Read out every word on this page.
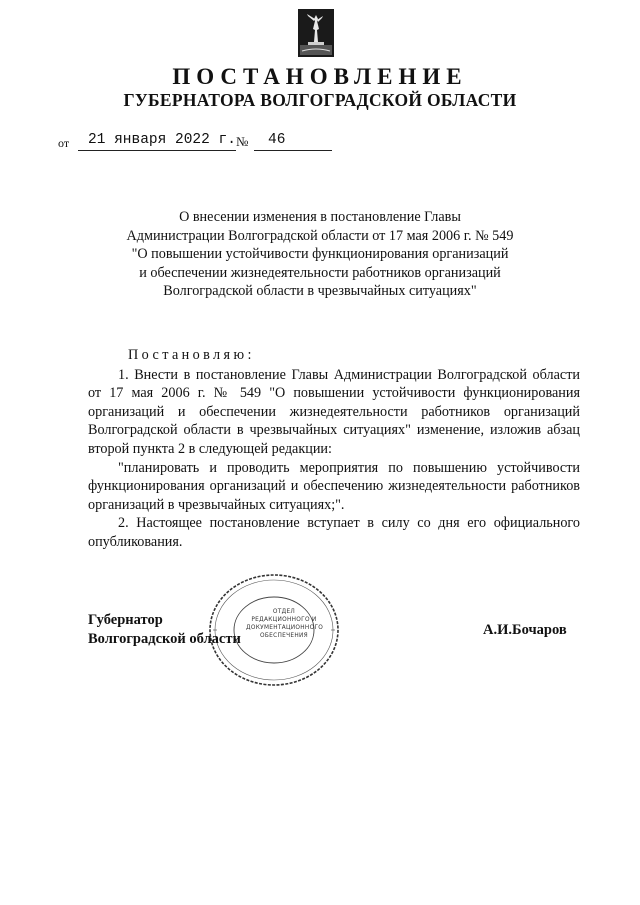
ПОСТАНОВЛЕНИЕ
ГУБЕРНАТОРА ВОЛГОГРАДСКОЙ ОБЛАСТИ
от	21 января 2022 г. №	46
О внесении изменения в постановление Главы
Администрации Волгоградской области от 17 мая 2006 г. № 549
"О повышении устойчивости функционирования организаций
и обеспечении жизнедеятельности работников организаций
Волгоградской области в чрезвычайных ситуациях"

Постановляю:

1. Внести в постановление Главы Администрации Волгоградской области от 17 мая 2006 г. № 549 "О повышении устойчивости функционирования организаций и обеспечении жизнедеятельности работников организаций Волгоградской области в чрезвычайных ситуациях" изменение, изложив абзац второй пункта 2 в следующей редакции:

"планировать и проводить мероприятия по повышению устойчивости функционирования организаций и обеспечению жизнедеятельности работников организаций в чрезвычайных ситуациях;".

2. Настоящее постановление вступает в силу со дня его официального опубликования.

ОТДЕЛ
РЕДАКЦИОННОГО И
ДОКУМЕНТАЦИОННОГО
ОБЕСПЕЧЕНИЯ
Губернатор
Волгоградской области
А.И.Бочаров
